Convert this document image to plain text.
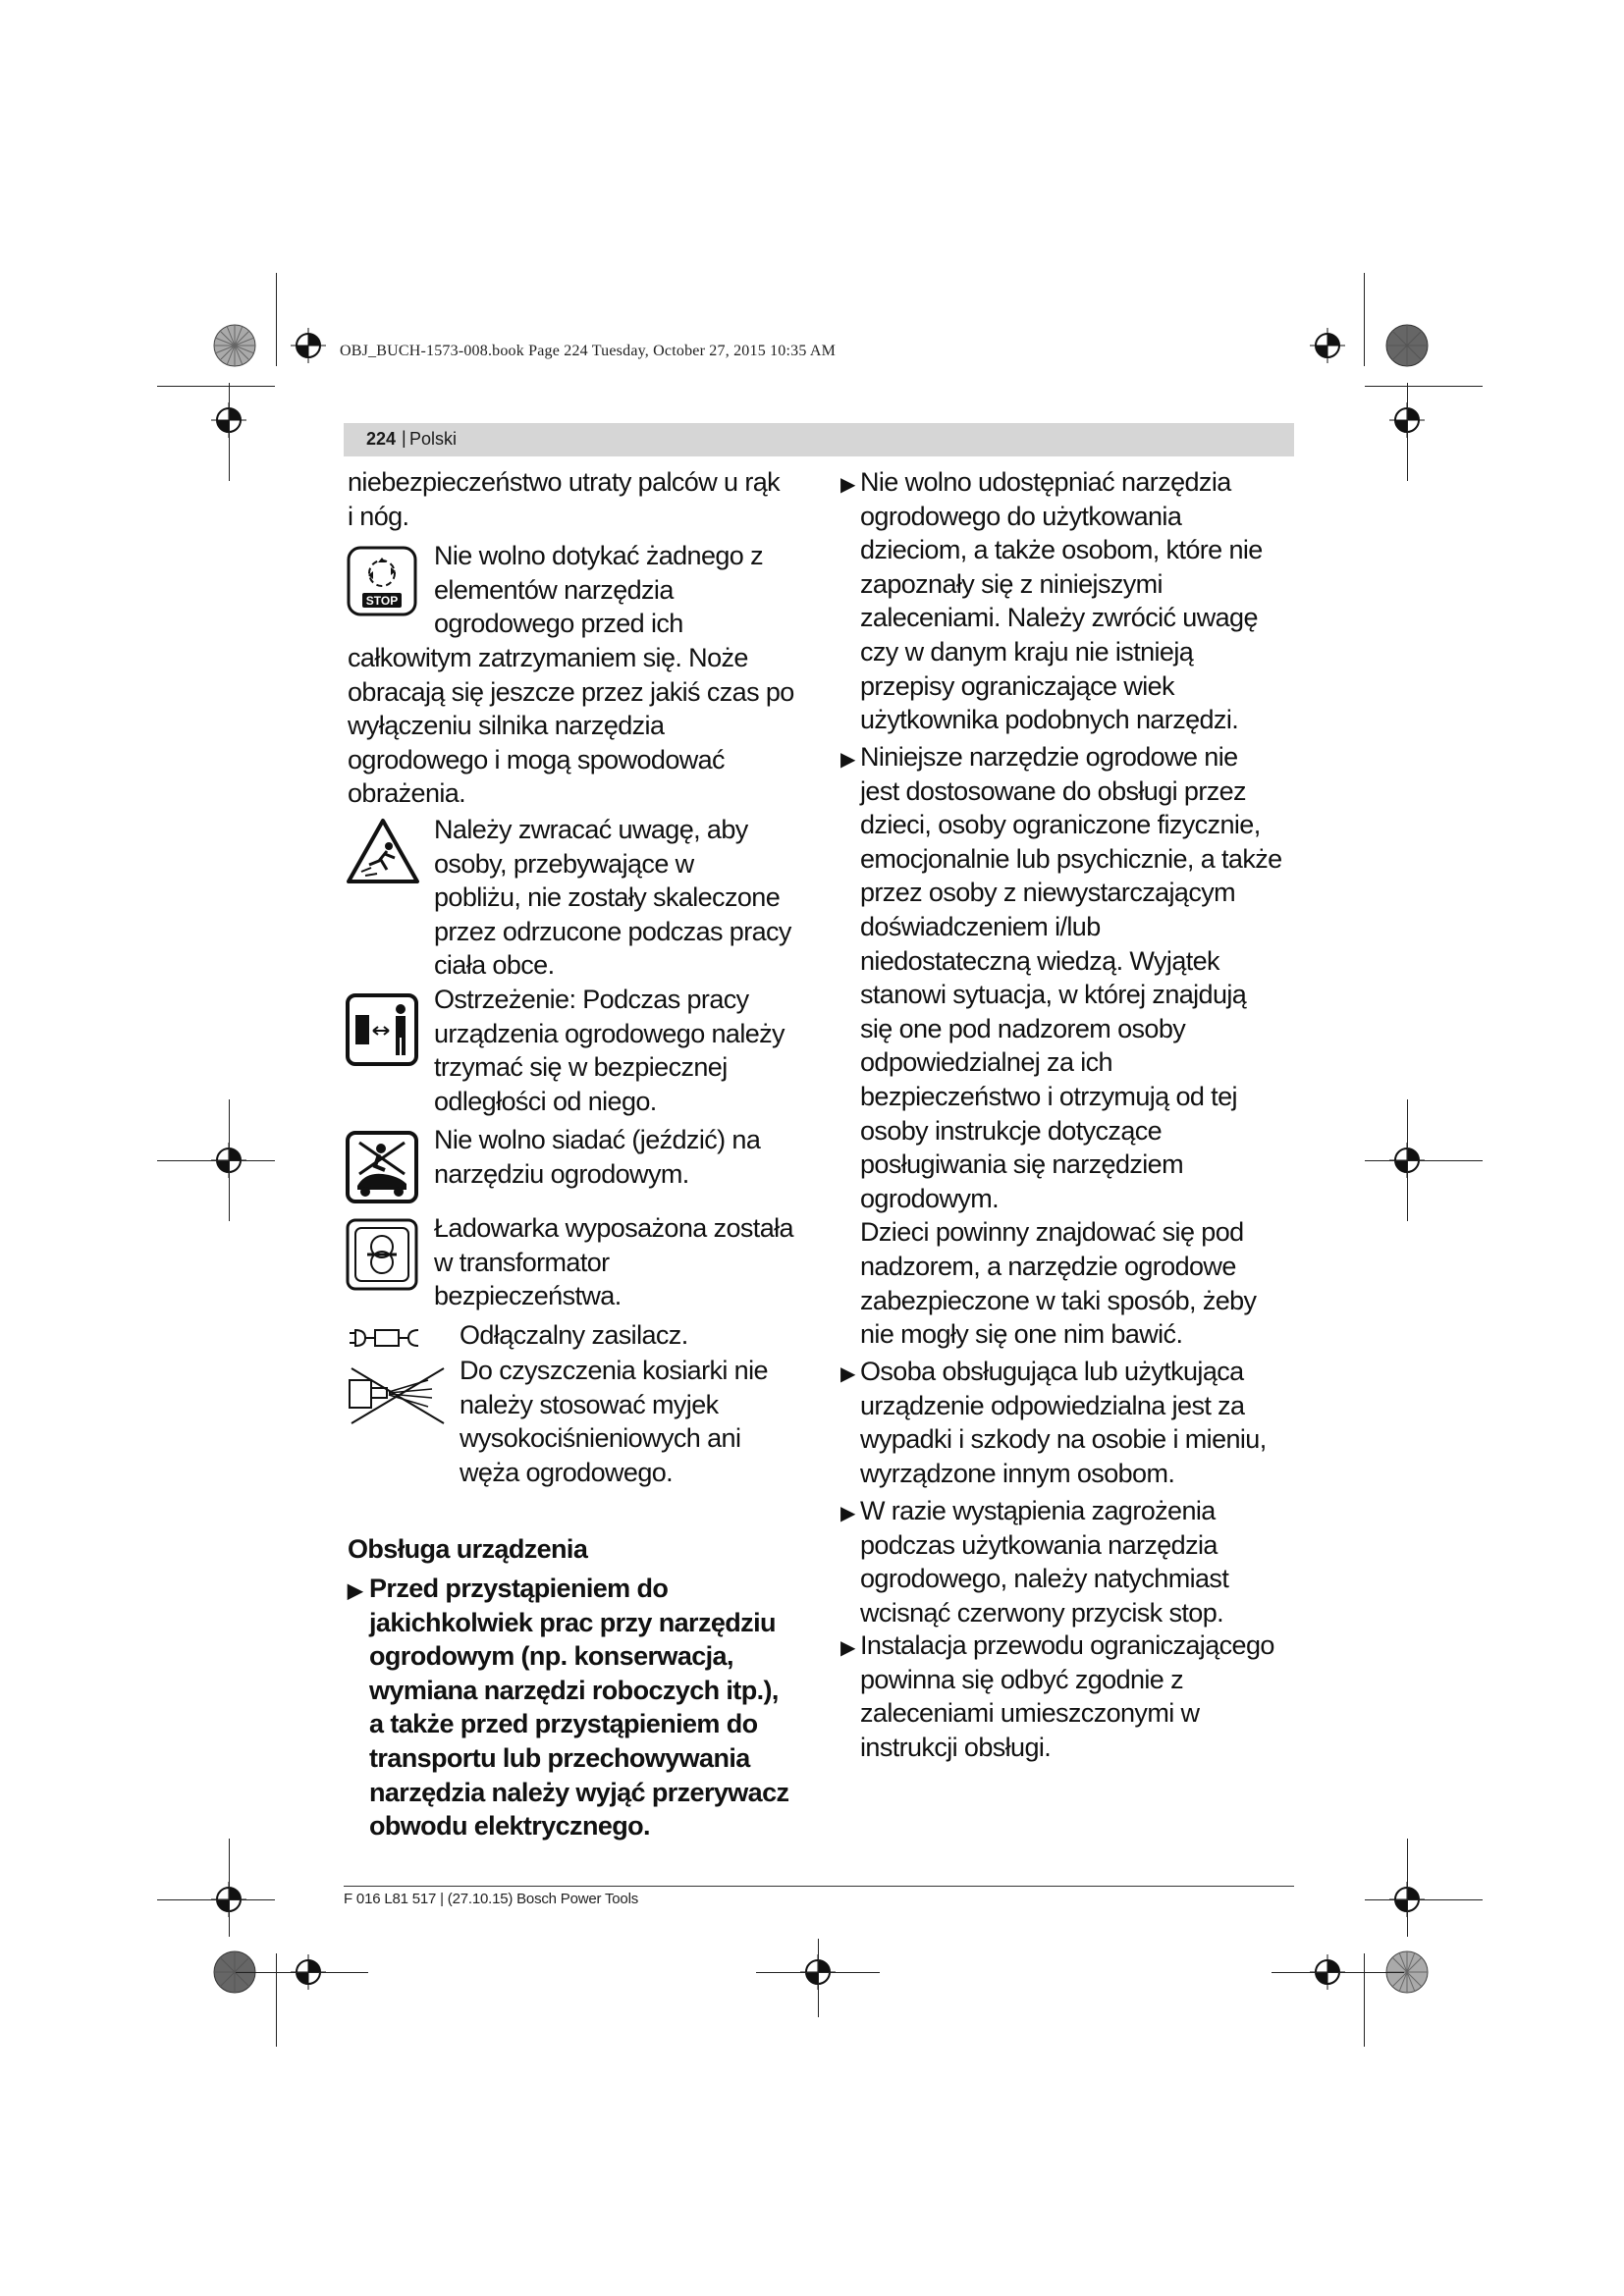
OBJ_BUCH-1573-008.book Page 224 Tuesday, October 27, 2015 10:35 AM
224 | Polski
niebezpieczeństwo utraty palców u rąk
i nóg.
STOP
Nie wolno dotykać żadnego z
elementów narzędzia
ogrodowego przed ich
całkowitym zatrzymaniem się. Noże
obracają się jeszcze przez jakiś czas po
wyłączeniu silnika narzędzia
ogrodowego i mogą spowodować
obrażenia.
Należy zwracać uwagę, aby
osoby, przebywające w
pobliżu, nie zostały skaleczone
przez odrzucone podczas pracy
ciała obce.
Ostrzeżenie: Podczas pracy
urządzenia ogrodowego należy
trzymać się w bezpiecznej
odległości od niego.
Nie wolno siadać (jeździć) na
narzędziu ogrodowym.
Ładowarka wyposażona została
w transformator
bezpieczeństwa.
Odłączalny zasilacz.
Do czyszczenia kosiarki nie
należy stosować myjek
wysokociśnieniowych ani
węża ogrodowego.
Obsługa urządzenia
▶ Przed przystąpieniem do
jakichkolwiek prac przy narzędziu
ogrodowym (np. konserwacja,
wymiana narzędzi roboczych itp.),
a także przed przystąpieniem do
transportu lub przechowywania
narzędzia należy wyjąć przerywacz
obwodu elektrycznego.
▶ Nie wolno udostępniać narzędzia
ogrodowego do użytkowania
dzieciom, a także osobom, które nie
zapoznały się z niniejszymi
zaleceniami. Należy zwrócić uwagę
czy w danym kraju nie istnieją
przepisy ograniczające wiek
użytkownika podobnych narzędzi.
▶ Niniejsze narzędzie ogrodowe nie
jest dostosowane do obsługi przez
dzieci, osoby ograniczone fizycznie,
emocjonalnie lub psychicznie, a także
przez osoby z niewystarczającym
doświadczeniem i/lub
niedostateczną wiedzą. Wyjątek
stanowi sytuacja, w której znajdują
się one pod nadzorem osoby
odpowiedzialnej za ich
bezpieczeństwo i otrzymują od tej
osoby instrukcje dotyczące
posługiwania się narzędziem
ogrodowym.
Dzieci powinny znajdować się pod
nadzorem, a narzędzie ogrodowe
zabezpieczone w taki sposób, żeby
nie mogły się one nim bawić.
▶ Osoba obsługująca lub użytkująca
urządzenie odpowiedzialna jest za
wypadki i szkody na osobie i mieniu,
wyrządzone innym osobom.
▶ W razie wystąpienia zagrożenia
podczas użytkowania narzędzia
ogrodowego, należy natychmiast
wcisnąć czerwony przycisk stop.
▶ Instalacja przewodu ograniczającego
powinna się odbyć zgodnie z
zaleceniami umieszczonymi w
instrukcji obsługi.
F 016 L81 517 | (27.10.15) Bosch Power Tools
